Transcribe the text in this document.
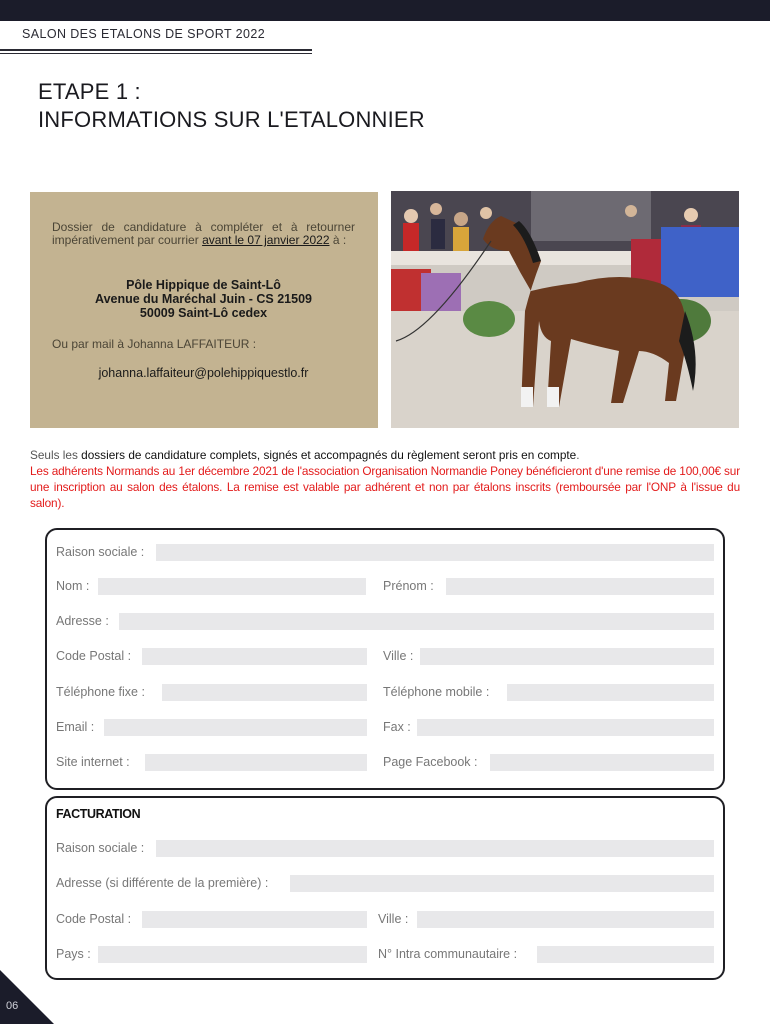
SALON DES ETALONS DE SPORT 2022
ETAPE 1 :
INFORMATIONS SUR L'ETALONNIER
Dossier de candidature à compléter et à retourner impérativement par courrier avant le 07 janvier 2022 à :
Pôle Hippique de Saint-Lô
Avenue du Maréchal Juin - CS 21509
50009 Saint-Lô cedex
Ou par mail à Johanna LAFFAITEUR :
johanna.laffaiteur@polehippiquestlo.fr
Seuls les dossiers de candidature complets, signés et accompagnés du règlement seront pris en compte.
Les adhérents Normands au 1er décembre 2021 de l'association Organisation Normandie Poney bénéficieront d'une remise de 100,00€ sur une inscription au salon des étalons. La remise est valable par adhérent et non par étalons inscrits (remboursée par l'ONP à l'issue du salon).
Raison sociale :
Nom :	Prénom :
Adresse :
Code Postal :	Ville :
Téléphone fixe :	Téléphone mobile :
Email :	Fax :
Site internet :	Page Facebook :
FACTURATION
Raison sociale :
Adresse (si différente de la première) :
Code Postal :	Ville :
Pays :	N° Intra communautaire :
06
